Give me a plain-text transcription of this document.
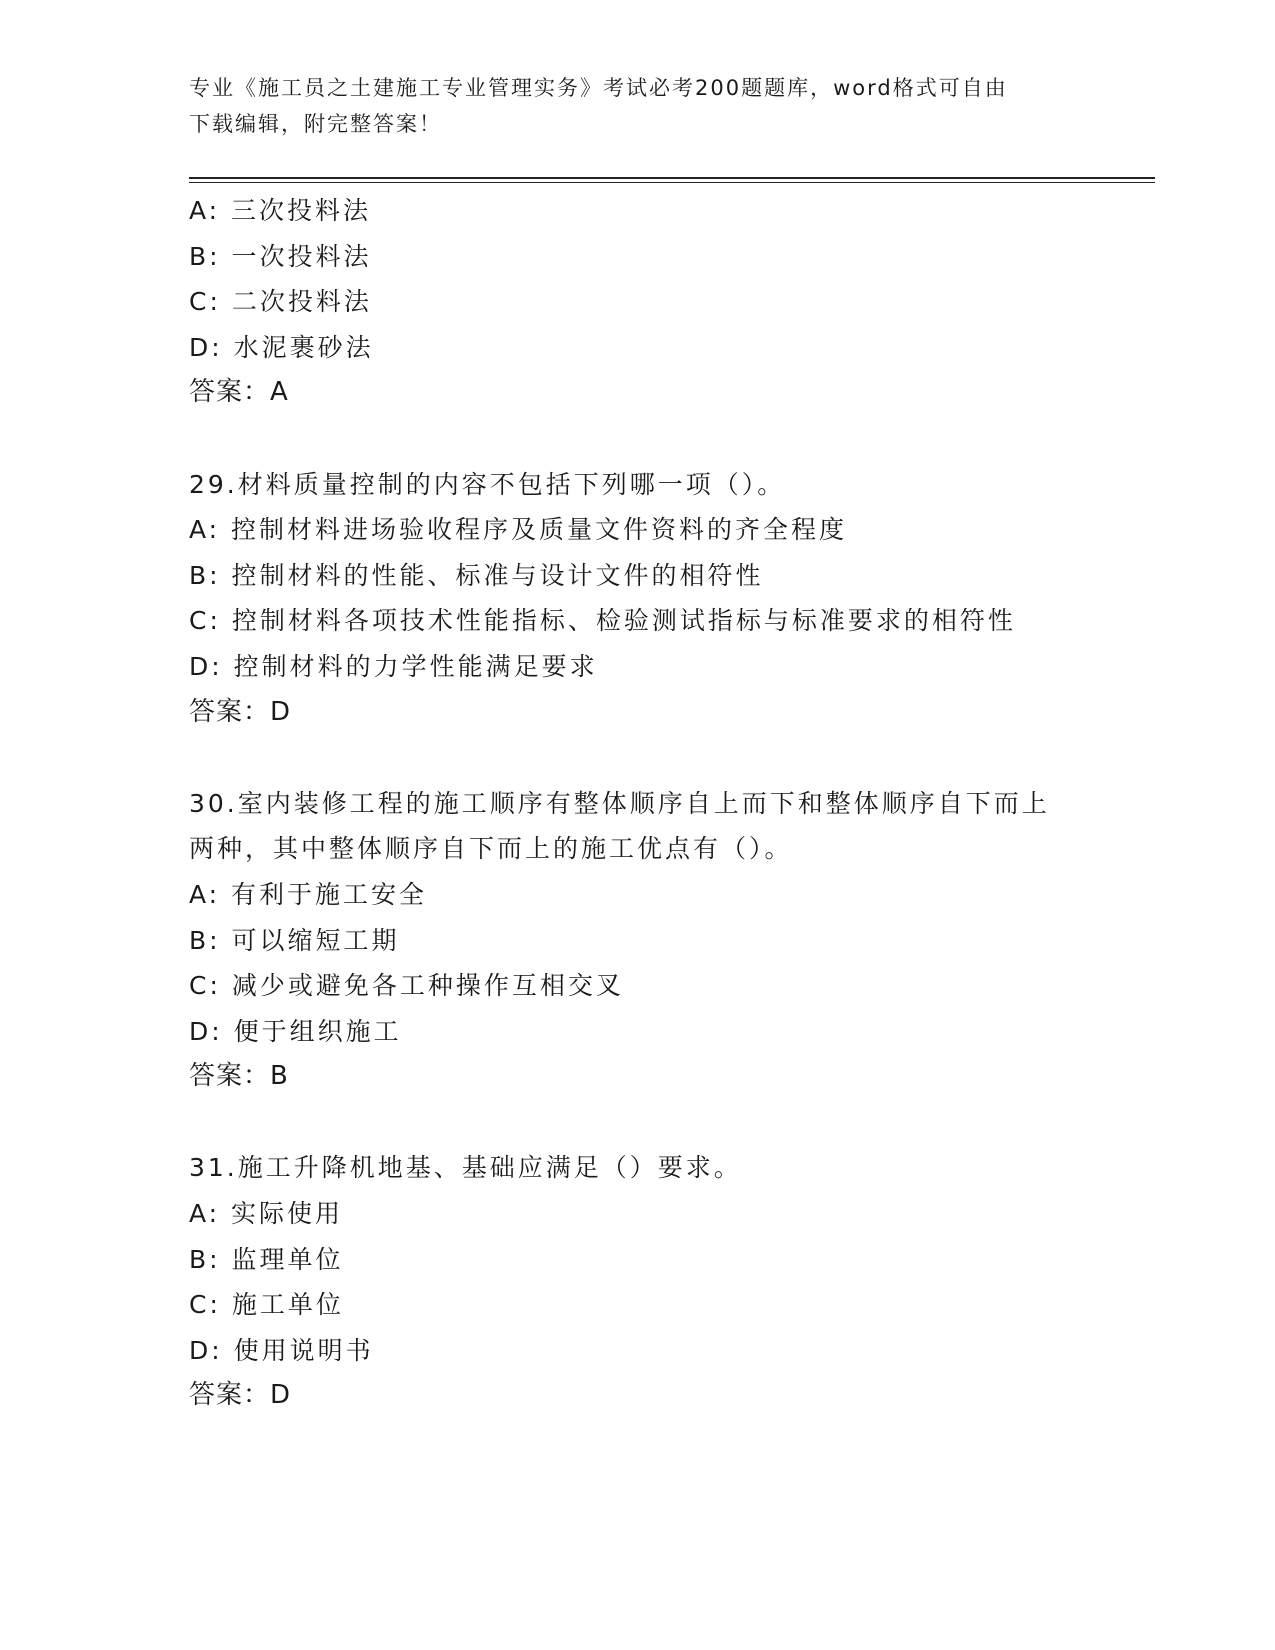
专业《施工员之土建施工专业管理实务》考试必考200题题库，word格式可自由
下载编辑，附完整答案！
A: 三次投料法
B: 一次投料法
C: 二次投料法
D: 水泥裹砂法
答案：A
29.材料质量控制的内容不包括下列哪一项（）。
A: 控制材料进场验收程序及质量文件资料的齐全程度
B: 控制材料的性能、标准与设计文件的相符性
C: 控制材料各项技术性能指标、检验测试指标与标准要求的相符性
D: 控制材料的力学性能满足要求
答案：D
30.室内装修工程的施工顺序有整体顺序自上而下和整体顺序自下而上
两种，其中整体顺序自下而上的施工优点有（）。
A: 有利于施工安全
B: 可以缩短工期
C: 减少或避免各工种操作互相交叉
D: 便于组织施工
答案：B
31.施工升降机地基、基础应满足（）要求。
A: 实际使用
B: 监理单位
C: 施工单位
D: 使用说明书
答案：D
